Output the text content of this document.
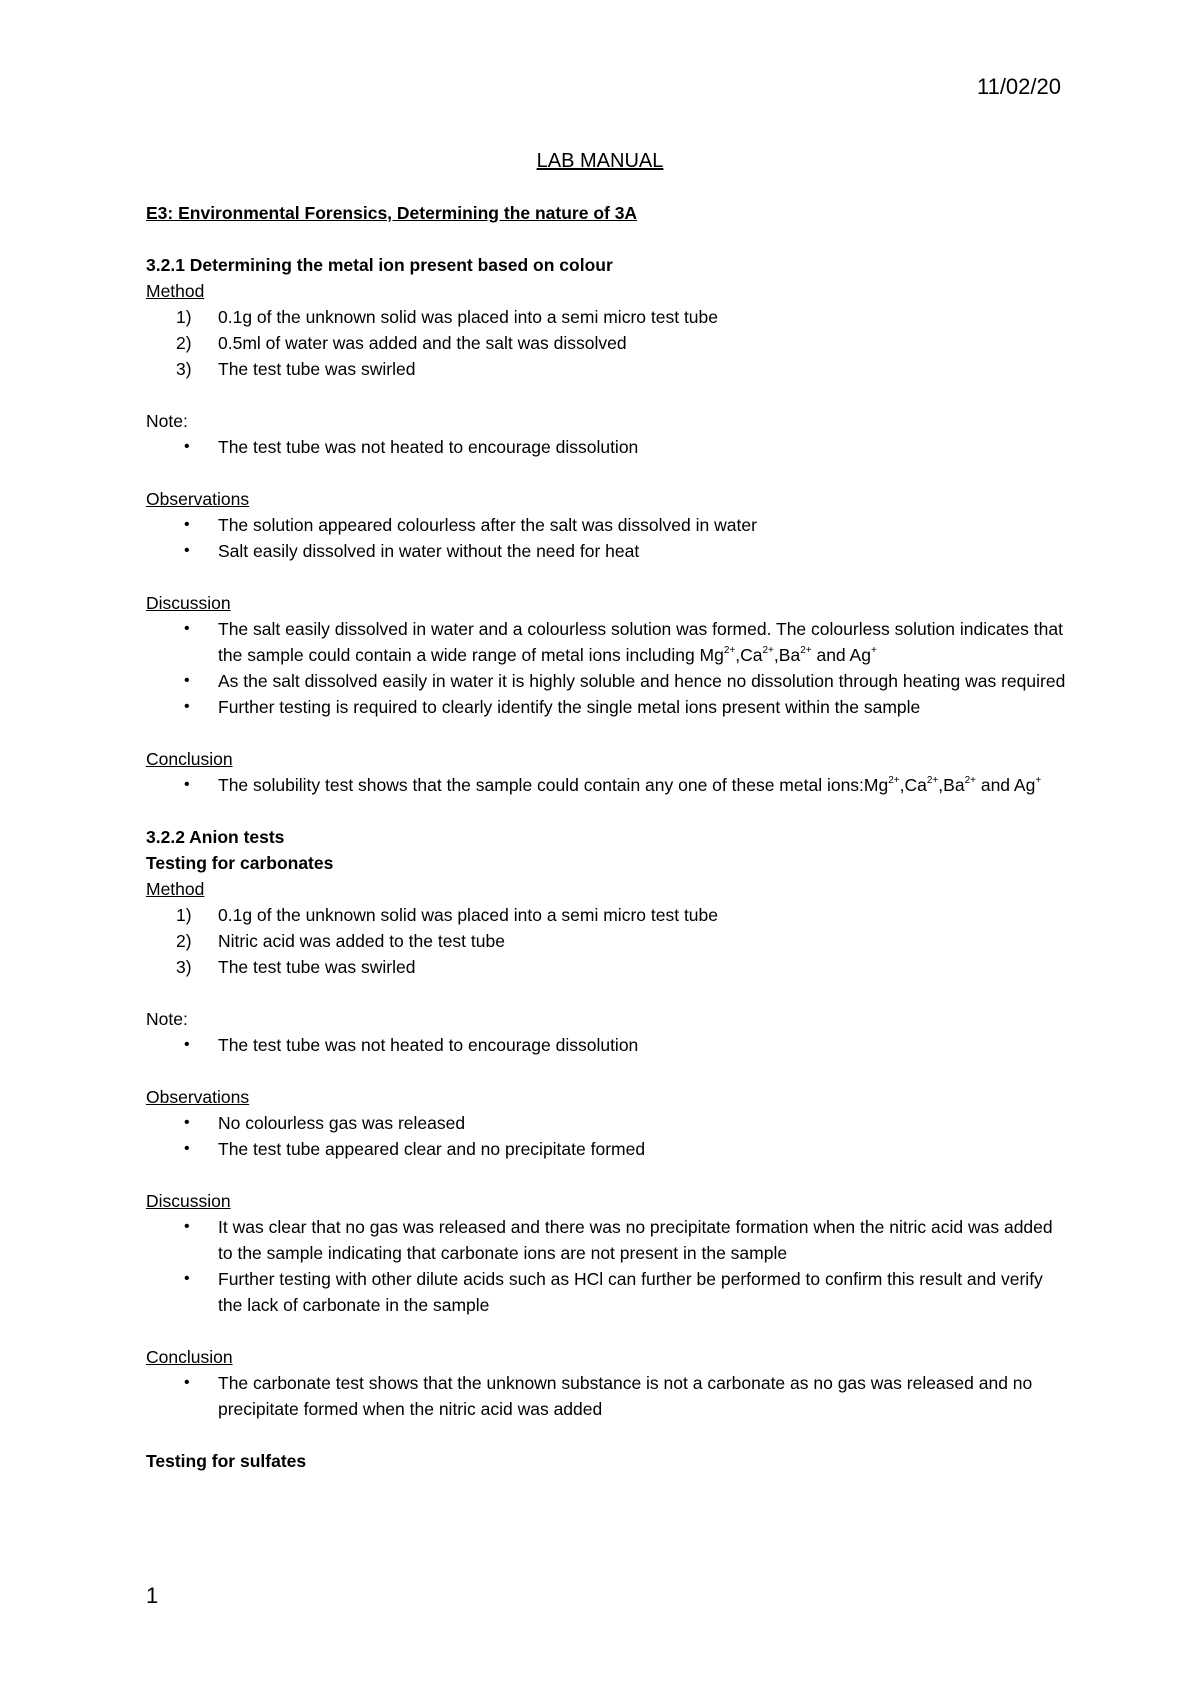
11/02/20
LAB MANUAL
E3: Environmental Forensics, Determining the nature of 3A
3.2.1 Determining the metal ion present based on colour
Method
1) 0.1g of the unknown solid was placed into a semi micro test tube
2) 0.5ml of water was added and the salt was dissolved
3) The test tube was swirled
Note:
• The test tube was not heated to encourage dissolution
Observations
• The solution appeared colourless after the salt was dissolved in water
• Salt easily dissolved in water without the need for heat
Discussion
• The salt easily dissolved in water and a colourless solution was formed. The colourless solution indicates that the sample could contain a wide range of metal ions including $Mg^{2+},Ca^{2+},Ba^{2+}$ and Ag+
• As the salt dissolved easily in water it is highly soluble and hence no dissolution through heating was required
• Further testing is required to clearly identify the single metal ions present within the sample
Conclusion
• The solubility test shows that the sample could contain any one of these metal $ions:Mg^{2+},Ca^{2+},Ba^{2+}$ and Ag+
3.2.2 Anion tests
Testing for carbonates
Method
1) 0.1g of the unknown solid was placed into a semi micro test tube
2) Nitric acid was added to the test tube
3) The test tube was swirled
Note:
• The test tube was not heated to encourage dissolution
Observations
• No colourless gas was released
• The test tube appeared clear and no precipitate formed
Discussion
• It was clear that no gas was released and there was no precipitate formation when the nitric acid was added to the sample indicating that carbonate ions are not present in the sample
• Further testing with other dilute acids such as HCl can further be performed to confirm this result and verify the lack of carbonate in the sample
Conclusion
• The carbonate test shows that the unknown substance is not a carbonate as no gas was released and no precipitate formed when the nitric acid was added
Testing for sulfates
1
